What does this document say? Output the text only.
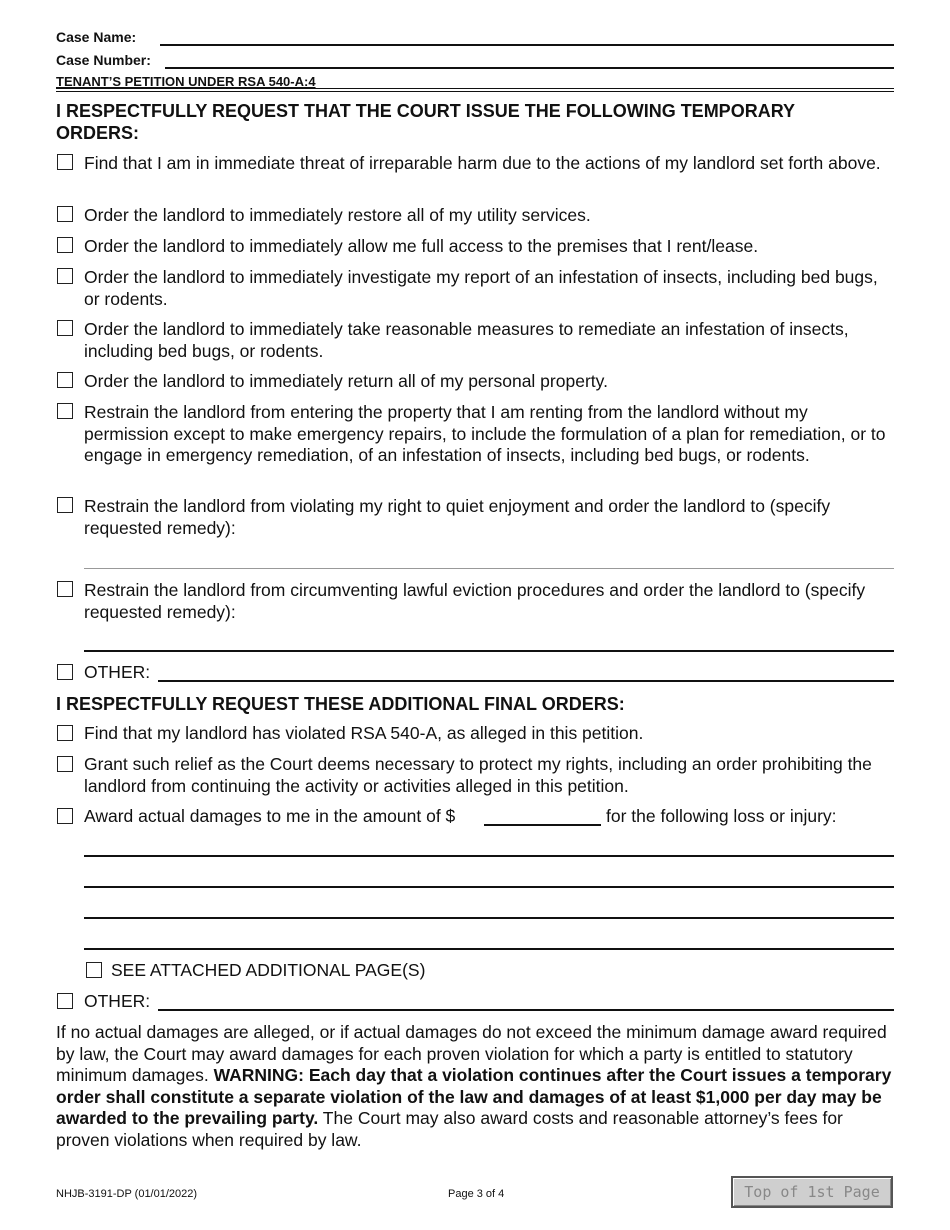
Case Name:
Case Number:
TENANT’S PETITION UNDER RSA 540-A:4
I RESPECTFULLY REQUEST THAT THE COURT ISSUE THE FOLLOWING TEMPORARY ORDERS:
Find that I am in immediate threat of irreparable harm due to the actions of my landlord set forth above.
Order the landlord to immediately restore all of my utility services.
Order the landlord to immediately allow me full access to the premises that I rent/lease.
Order the landlord to immediately investigate my report of an infestation of insects, including bed bugs, or rodents.
Order the landlord to immediately take reasonable measures to remediate an infestation of insects, including bed bugs, or rodents.
Order the landlord to immediately return all of my personal property.
Restrain the landlord from entering the property that I am renting from the landlord without my permission except to make emergency repairs, to include the formulation of a plan for remediation, or to engage in emergency remediation, of an infestation of insects, including bed bugs, or rodents.
Restrain the landlord from violating my right to quiet enjoyment and order the landlord to (specify requested remedy):
Restrain the landlord from circumventing lawful eviction procedures and order the landlord to (specify requested remedy):
OTHER:
I RESPECTFULLY REQUEST THESE ADDITIONAL FINAL ORDERS:
Find that my landlord has violated RSA 540-A, as alleged in this petition.
Grant such relief as the Court deems necessary to protect my rights, including an order prohibiting the landlord from continuing the activity or activities alleged in this petition.
Award actual damages to me in the amount of $	for the following loss or injury:
SEE ATTACHED ADDITIONAL PAGE(S)
OTHER:
If no actual damages are alleged, or if actual damages do not exceed the minimum damage award required by law, the Court may award damages for each proven violation for which a party is entitled to statutory minimum damages. WARNING: Each day that a violation continues after the Court issues a temporary order shall constitute a separate violation of the law and damages of at least $1,000 per day may be awarded to the prevailing party. The Court may also award costs and reasonable attorney’s fees for proven violations when required by law.
NHJB-3191-DP (01/01/2022)	Page 3 of 4	Top of 1st Page
